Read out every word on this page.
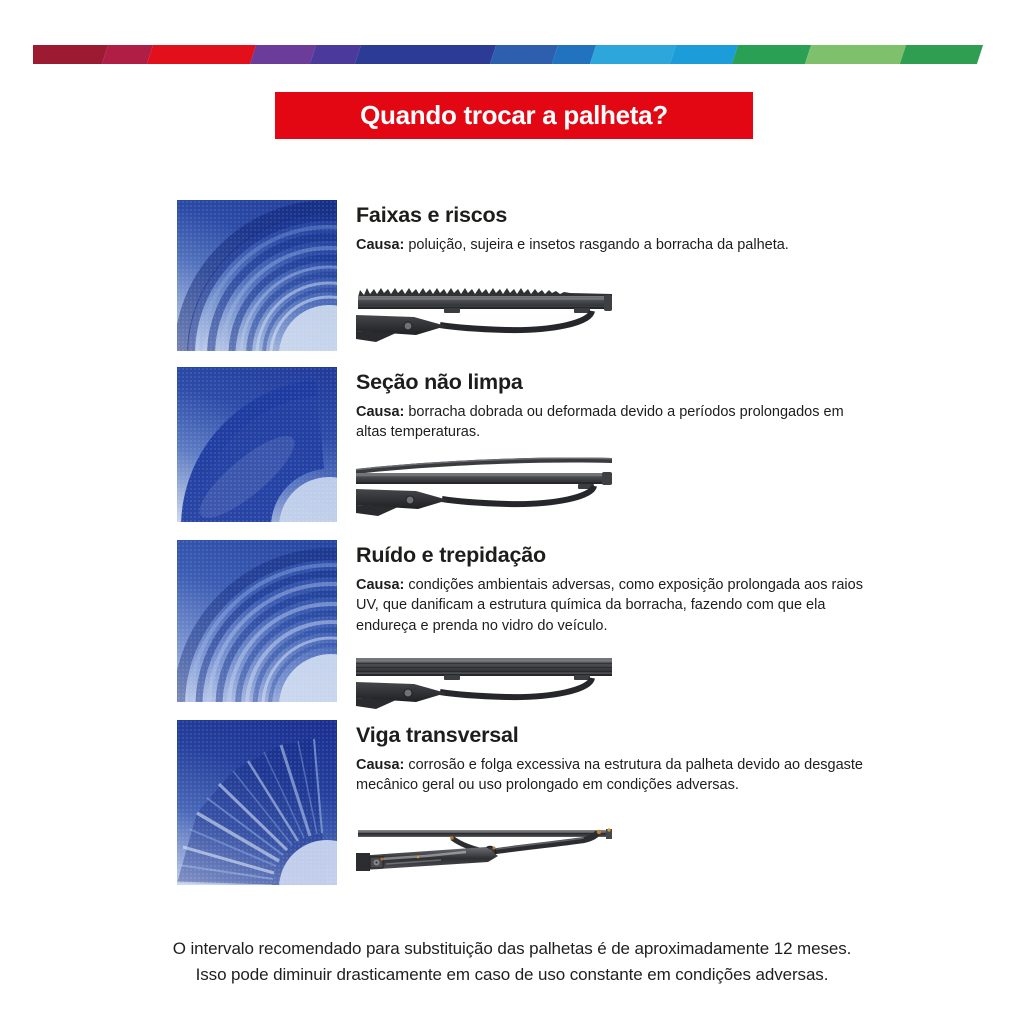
Quando trocar a palheta?
Faixas e riscos

Causa: poluição, sujeira e insetos rasgando a borracha da palheta.

Seção não limpa

Causa: borracha dobrada ou deformada devido a períodos prolongados em altas temperaturas.

Ruído e trepidação

Causa: condições ambientais adversas, como exposição prolongada aos raios UV, que danificam a estrutura química da borracha, fazendo com que ela endureça e prenda no vidro do veículo.

Viga transversal

Causa: corrosão e folga excessiva na estrutura da palheta devido ao desgaste mecânico geral ou uso prolongado em condições adversas.

O intervalo recomendado para substituição das palhetas é de aproximadamente 12 meses.
Isso pode diminuir drasticamente em caso de uso constante em condições adversas.
